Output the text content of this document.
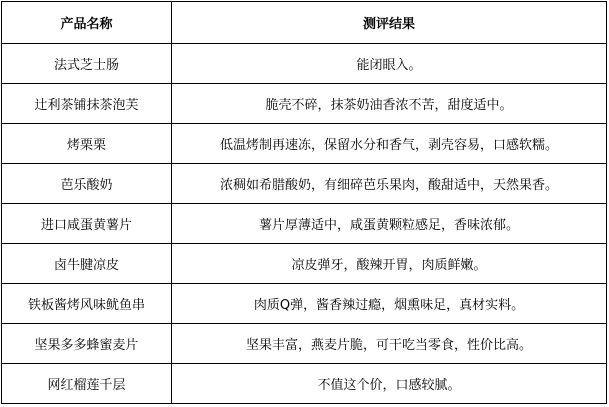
产品名称	测评结果
法式芝士肠	能闭眼入。
辻利茶铺抹茶泡芙	脆壳不碎，抹茶奶油香浓不苦，甜度适中。
烤栗栗	低温烤制再速冻，保留水分和香气，剥壳容易，口感软糯。
芭乐酸奶	浓稠如希腊酸奶，有细碎芭乐果肉，酸甜适中，天然果香。
进口咸蛋黄薯片	薯片厚薄适中，咸蛋黄颗粒感足，香味浓郁。
卤牛腱凉皮	凉皮弹牙，酸辣开胃，肉质鲜嫩。
铁板酱烤风味鱿鱼串	肉质Q弹，酱香辣过瘾，烟熏味足，真材实料。
坚果多多蜂蜜麦片	坚果丰富，燕麦片脆，可干吃当零食，性价比高。
网红榴莲千层	不值这个价，口感较腻。
